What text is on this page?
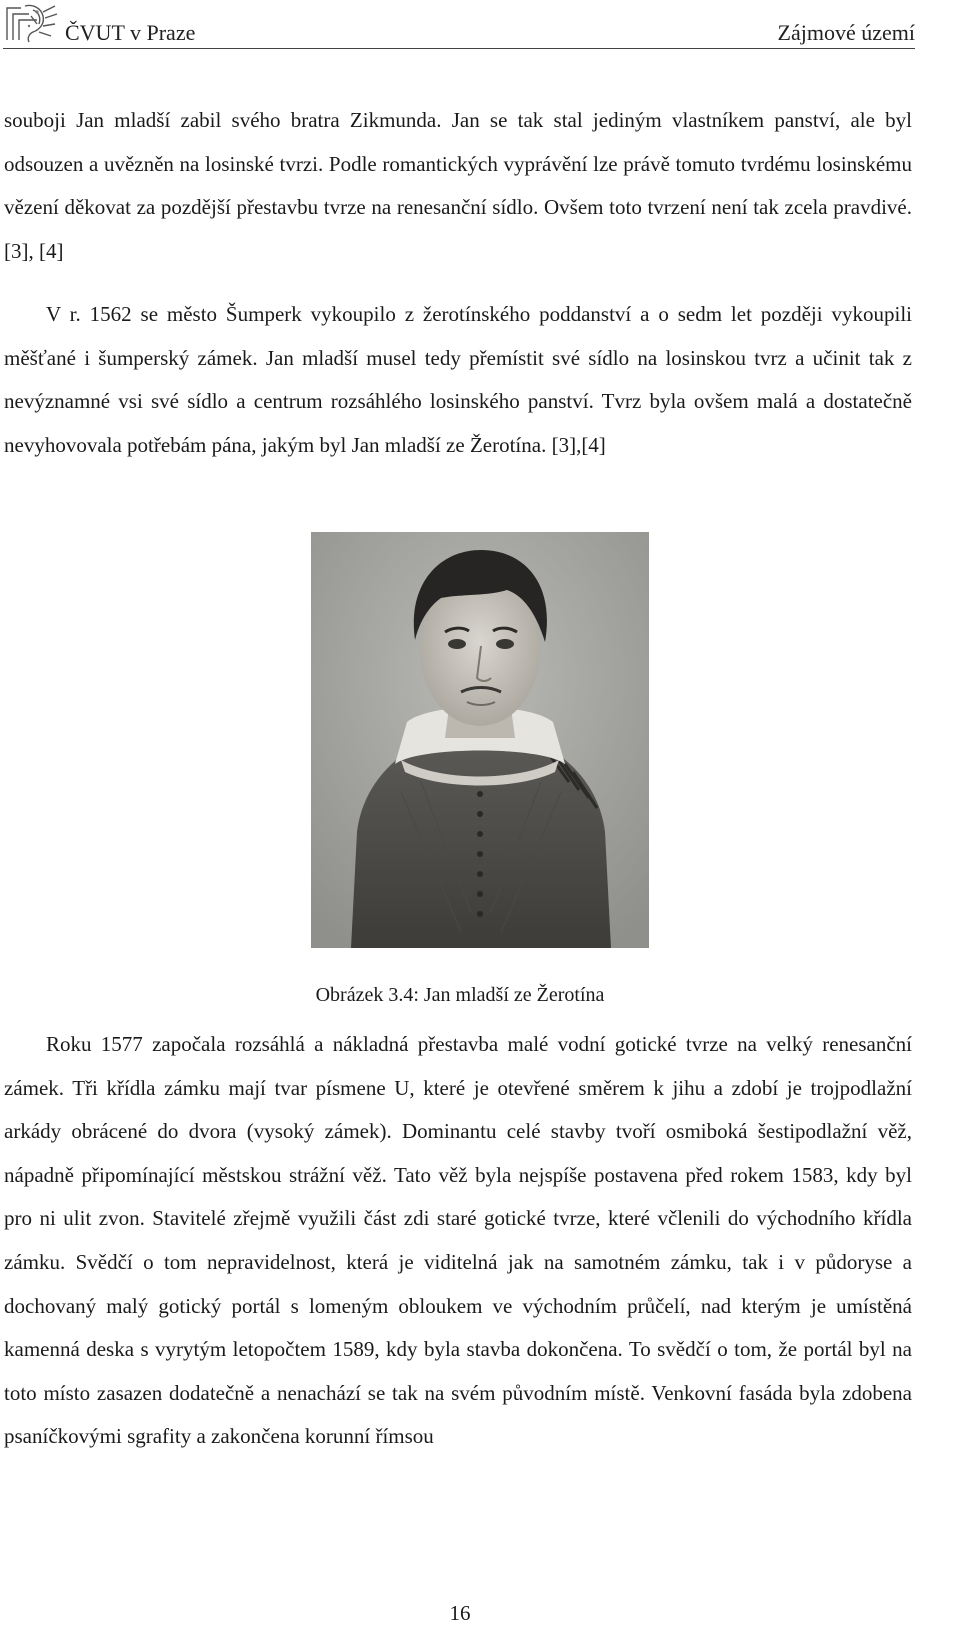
ČVUT v Praze	Zájmové území

souboji Jan mladší zabil svého bratra Zikmunda. Jan se tak stal jediným vlastníkem panství, ale byl odsouzen a uvězněn na losinské tvrzi. Podle romantických vyprávění lze právě tomuto tvrdému losinskému vězení děkovat za pozdější přestavbu tvrze na renesanční sídlo. Ovšem toto tvrzení není tak zcela pravdivé. [3], [4]

V r. 1562 se město Šumperk vykoupilo z žerotínského poddanství a o sedm let později vykoupili měšťané i šumperský zámek. Jan mladší musel tedy přemístit své sídlo na losinskou tvrz a učinit tak z nevýznamné vsi své sídlo a centrum rozsáhlého losinského panství. Tvrz byla ovšem malá a dostatečně nevyhovovala potřebám pána, jakým byl Jan mladší ze Žerotína. [3],[4]

Obrázek 3.4: Jan mladší ze Žerotína

Roku 1577 započala rozsáhlá a nákladná přestavba malé vodní gotické tvrze na velký renesanční zámek. Tři křídla zámku mají tvar písmene U, které je otevřené směrem k jihu a zdobí je trojpodlažní arkády obrácené do dvora (vysoký zámek). Dominantu celé stavby tvoří osmiboká šestipodlažní věž, nápadně připomínající městskou strážní věž. Tato věž byla nejspíše postavena před rokem 1583, kdy byl pro ni ulit zvon. Stavitelé zřejmě využili část zdi staré gotické tvrze, které včlenili do východního křídla zámku. Svědčí o tom nepravidelnost, která je viditelná jak na samotném zámku, tak i v půdoryse a dochovaný malý gotický portál s lomeným obloukem ve východním průčelí, nad kterým je umístěná kamenná deska s vyrytým letopočtem 1589, kdy byla stavba dokončena. To svědčí o tom, že portál byl na toto místo zasazen dodatečně a nenachází se tak na svém původním místě. Venkovní fasáda byla zdobena psaníčkovými sgrafity a zakončena korunní římsou

16
